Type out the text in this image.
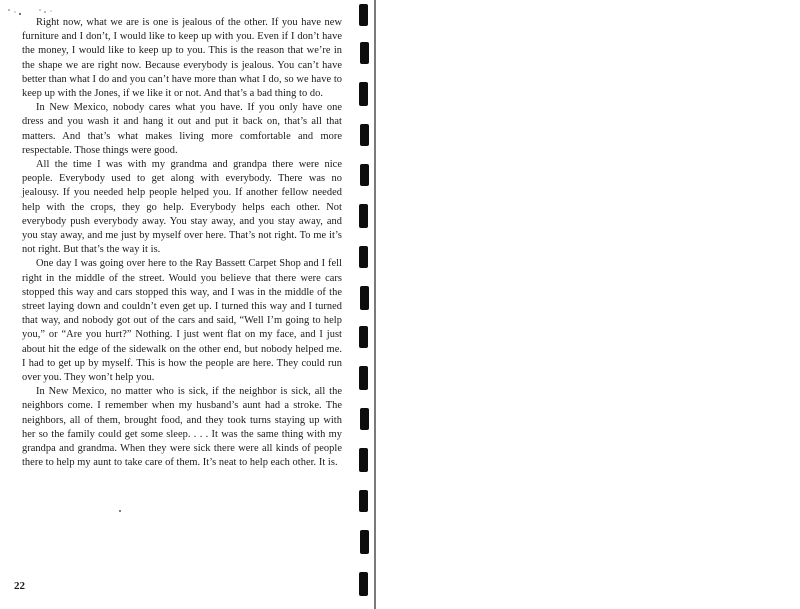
Right now, what we are is one is jealous of the other. If you have new furniture and I don’t, I would like to keep up with you. Even if I don’t have the money, I would like to keep up to you. This is the reason that we’re in the shape we are right now. Because everybody is jealous. You can’t have better than what I do and you can’t have more than what I do, so we have to keep up with the Jones, if we like it or not. And that’s a bad thing to do.

In New Mexico, nobody cares what you have. If you only have one dress and you wash it and hang it out and put it back on, that’s all that matters. And that’s what makes living more comfortable and more respectable. Those things were good.

All the time I was with my grandma and grandpa there were nice people. Everybody used to get along with everybody. There was no jealousy. If you needed help people helped you. If another fellow needed help with the crops, they go help. Everybody helps each other. Not everybody push everybody away. You stay away, and you stay away, and you stay away, and me just by myself over here. That’s not right. To me it’s not right. But that’s the way it is.

One day I was going over here to the Ray Bassett Carpet Shop and I fell right in the middle of the street. Would you believe that there were cars stopped this way and cars stopped this way, and I was in the middle of the street laying down and couldn’t even get up. I turned this way and I turned that way, and nobody got out of the cars and said, “Well I’m going to help you,” or “Are you hurt?” Nothing. I just went flat on my face, and I just about hit the edge of the sidewalk on the other end, but nobody helped me. I had to get up by myself. This is how the people are here. They could run over you. They won’t help you.

In New Mexico, no matter who is sick, if the neighbor is sick, all the neighbors come. I remember when my husband’s aunt had a stroke. The neighbors, all of them, brought food, and they took turns staying up with her so the family could get some sleep. . . . It was the same thing with my grandpa and grandma. When they were sick there were all kinds of people there to help my aunt to take care of them. It’s neat to help each other. It is.

22
